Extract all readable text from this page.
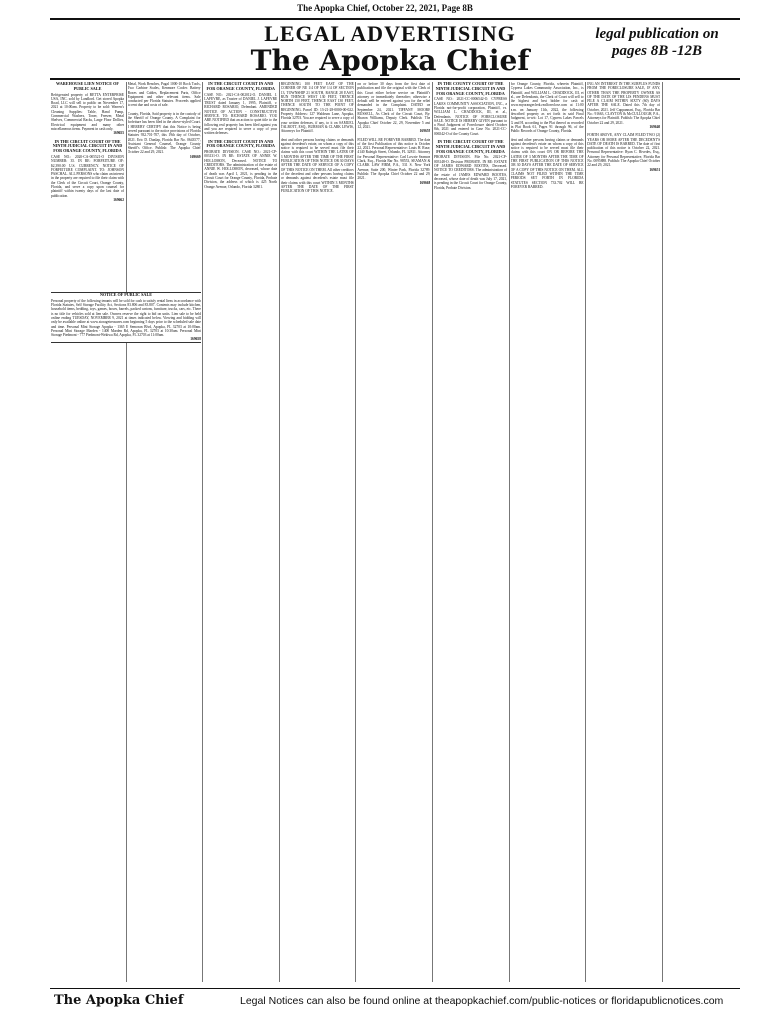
The Apopka Chief, October 22, 2021, Page 8B
LEGAL ADVERTISING
The Apopka Chief
legal publication on pages 8B -12B
WAREHOUSE LIEN NOTICE OF PUBLIC SALE

Refrigerated property of BETTA ENTERPRISE USA, INC. sold by Landlord. Get stored Apopka Road, LLC will sell to public on November 17, 2021 at 10:00am. Property to be sold: Warren's Cleaning Supplies: Table, Hand Pump, Commercial Washers, Toner, Freezer, Metal Shelves, Commercial Racks, Large Floor Dollies, Electrical equipment and many other miscellaneous items. Payment in cash only.

169655
IN THE CIRCUIT COURT OF THE NINTH JUDICIAL CIRCUIT IN AND FOR ORANGE COUNTY, FLORIDA

CASE NO.: 2020-CA-005521-O DIVISION NUMBER: 35. IN RE: FORFEITURE OF: $2,390.00 U.S. CURRENCY. NOTICE OF FORFEITURE COMPLAINT. TO: JOHNSON PASCHAL. ALL PERSONS who claim an interest in the property are required to file their claim with the Clerk of the Circuit Court, Orange County, Florida, and serve a copy upon counsel for plaintiff within twenty days of the last date of publication.

169662

Metal, Work Benches, Pagal 1000-10 Rock Tools, Two Carbine Scales, Kenmore Cooler. Battery Boxes and Cables, Replacement Parts, Office Equipment and other relevant items. Sale conducted per Florida Statutes. Proceeds applied to rent due and costs of sale.

County, Florida, Said property is in the custody of the Sheriff of Orange County. A Complaint for forfeiture has been filed in the above-styled Court. I HEREBY CERTIFY that this Notice is being served pursuant to the notice provisions of Florida Statutes 932.701-707, this 19th day of October, 2021. Eric D. Dunlap, Florida Bar No. 0643577, Assistant General Counsel, Orange County Sheriff's Office. Publish: The Apopka Chief October 22 and 29, 2021.

169669
IN THE CIRCUIT COURT IN AND FOR ORANGE COUNTY, FLORIDA

CASE NO.: 2021-CA-002012-O. DANIEL J. LAFEVRE, as Trustee of DANIEL J. LAFEVRE TRUST dated January 1, 1995, Plaintiff, v. RICHARD ROSARIO, Defendant. AMENDED NOTICE OF ACTION - CONSTRUCTIVE SERVICE. TO: RICHARD ROSARIO. YOU ARE NOTIFIED that an action to quiet title to the following real property has been filed against you and you are required to serve a copy of your written defenses.

IN THE CIRCUIT COURT IN AND FOR ORANGE COUNTY, FLORIDA

PROBATE DIVISION. CASE NO.: 2021-CP-003131-O. IN RE: ESTATE OF ANNIE W. HOLLOMON, Deceased. NOTICE TO CREDITORS. The administration of the estate of ANNIE W. HOLLOMON, deceased, whose date of death was April 1, 2021, is pending in the Circuit Court for Orange County, Florida, Probate Division, the address of which is 425 North Orange Avenue, Orlando, Florida 32801.

BEGINNING 100 FEET EAST OF THE CORNER OF NE 1/4 OF NW 1/4 OF SECTION 13, TOWNSHIP 21 SOUTH, RANGE 28 EAST, RUN THENCE WEST 130 FEET, THENCE NORTH 150 FEET, THENCE EAST 130 FEET, THENCE SOUTH TO THE POINT OF BEGINNING. Parcel ID: 13-21-28-0000-00-022. Property Address: 127 Waldrum Lane, Apopka, Florida 32703. You are required to serve a copy of your written defenses, if any, to it on SAMUEL TALBOTT, ESQ., BURMAN & CLARK LEWIS, Attorneys for Plaintiff.

dent and other persons having claims or demands against decedent's estate, on whom a copy of this notice is required to be served must file their claims with this court WITHIN THE LATER OF 3 MONTHS AFTER THE TIME OF THE FIRST PUBLICATION OF THIS NOTICE OR 30 DAYS AFTER THE DATE OF SERVICE OF A COPY OF THIS NOTICE ON THEM. All other creditors of the decedent and other persons having claims or demands against decedent's estate must file their claims with this court WITHIN 3 MONTHS AFTER THE DATE OF THE FIRST PUBLICATION OF THIS NOTICE.

on or before 30 days from the first date of publication and file the original with the Clerk of this Court either before service on Plaintiff's attorney or immediately thereafter; otherwise a default will be entered against you for the relief demanded in the Complaint. DATED on September 24, 2021. TIFFANY MOORE RUSSELL, As Clerk of the Circuit Court, By: Sharon Williams, Deputy Clerk. Publish: The Apopka Chief October 22, 29, November 5 and 12, 2021.

169659

FILED WILL BE FOREVER BARRED. The date of the first Publication of this notice is October 22, 2021. Personal Representative: Louis H. Ruse, 4140 Raleigh Street, Orlando, FL 32811. Attorney for Personal Representative: Carl Lowrie Seamon Clark, Esq., Florida Bar No. 98553, SEAMAN & CLARK LAW FIRM, P.A., 531 S. New York Avenue, Suite 200, Winter Park, Florida 32789. Publish: The Apopka Chief October 22 and 29, 2021.

169668
IN THE COUNTY COURT OF THE NINTH JUDICIAL CIRCUIT IN AND FOR ORANGE COUNTY, FLORIDA

CASE NO.: 2021-CC-0006542-O. CYPRESS LAKES COMMUNITY ASSOCIATION, INC., a Florida not-for-profit corporation, Plaintiff, vs. WILLIAM L. CHADDOCK, III, et al., Defendants. NOTICE OF FORECLOSURE SALE. NOTICE IS HEREBY GIVEN pursuant to a Final Judgment of Foreclosure dated October 8th, 2021 and entered in Case No. 2021-CC-006542-O of the County Court.

IN THE CIRCUIT COURT OF THE NINTH JUDICIAL CIRCUIT IN AND FOR ORANGE COUNTY, FLORIDA

PROBATE DIVISION. File No. 2021-CP-003148-O. Division PROBATE. IN RE: ESTATE OF JAMES EDWARD BOOTES, Deceased. NOTICE TO CREDITORS. The administration of the estate of JAMES EDWARD BOOTES, deceased, whose date of death was July 17, 2021, is pending in the Circuit Court for Orange County, Florida, Probate Division.

for Orange County, Florida, wherein Plaintiff, Cypress Lakes Community Association, Inc., is Plaintiff, and WILLIAM L. CHADDOCK, III, et al., are Defendants, the Clerk of Court will sell to the highest and best bidder for cash at www.myorangeclerk.realforeclose.com at 11:00 a.m. on January 11th, 2022, the following described property as set forth in said Final Judgment, to-wit: Lot 17, Cypress Lakes Parcels G and H, according to the Plat thereof as recorded in Plat Book 61, Pages 91 through 96, of the Public Records of Orange County, Florida.

dent and other persons having claims or demands against decedent's estate on whom a copy of this notice is required to be served must file their claims with this court ON OR BEFORE THE LATER OF 3 MONTHS AFTER THE TIME OF THE FIRST PUBLICATION OF THIS NOTICE OR 30 DAYS AFTER THE DATE OF SERVICE OF A COPY OF THIS NOTICE ON THEM. ALL CLAIMS NOT FILED WITHIN THE TIME PERIODS SET FORTH IN FLORIDA STATUTES SECTION 733.702 WILL BE FOREVER BARRED.

ING AN INTEREST IN THE SURPLUS FUNDS FROM THE FORECLOSURE SALE, IF ANY, OTHER THAN THE PROPERTY OWNER AS OF THE DATE OF THE LIS PENDENS MUST FILE A CLAIM WITHIN SIXTY (60) DAYS AFTER THE SALE. Dated this 7th day of October, 2021. Jeff Cappannari, Esq., Florida Bar No.: 91663, CLAYTON & McCULLOUGH, P.A., Attorneys for Plaintiff. Publish: The Apopka Chief October 22 and 29, 2021.

169640

FORTH ABOVE, ANY CLAIM FILED TWO (2) YEARS OR MORE AFTER THE DECEDENT'S DATE OF DEATH IS BARRED. The date of first publication of this notice is October 22, 2021. Personal Representative: Ryan C. Rivedes, Esq., Attorney for Personal Representative, Florida Bar No. 0095888. Publish: The Apopka Chief October 22 and 29, 2021.

169651
NOTICE OF PUBLIC SALE

Personal property of the following tenants will be sold for cash to satisfy rental liens in accordance with Florida Statutes, Self Storage Facility Act, Sections 83.806 and 83.807. Contents may include kitchen, household items, bedding, toys, games, boxes, barrels, packed cartons, furniture, trucks, cars, etc. There is no title for vehicles sold at lien sale. Owners reserve the right to bid on units. Lien sale to be held online ending TUESDAY, NOVEMBER 9, 2021 at times indicated below. Viewing and bidding will only be available online at www.storagetreasures.com beginning 5 days prior to the scheduled sale date and time. Personal Mini Storage Apopka - 1365 E Semoran Blvd, Apopka, FL 32703 at 10:00am. Personal Mini Storage Marden - 1400 Marden Rd, Apopka, FL 32703 at 10:30am. Personal Mini Storage Piedmont - 777 Piedmont-Wekiwa Rd, Apopka, FL 32703 at 11:00am.

169658
The Apopka Chief	Legal Notices can also be found online at theapopkachief.com/public-notices or floridapublicnotices.com
